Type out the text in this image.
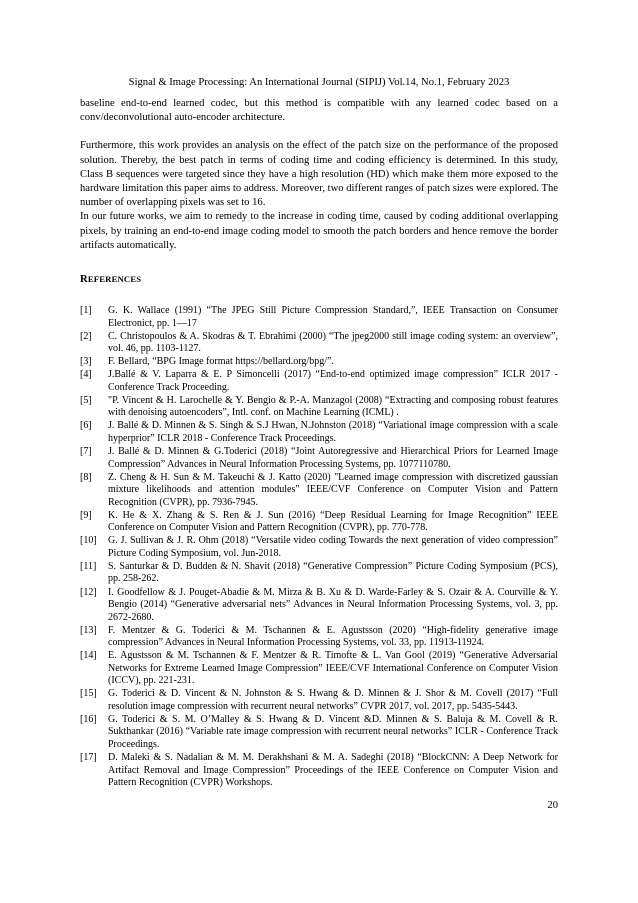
Signal & Image Processing: An International Journal (SIPIJ) Vol.14, No.1, February 2023

baseline end-to-end learned codec, but this method is compatible with any learned codec based on a conv/deconvolutional auto-encoder architecture.

Furthermore, this work provides an analysis on the effect of the patch size on the performance of the proposed solution. Thereby, the best patch in terms of coding time and coding efficiency is determined. In this study, Class B sequences were targeted since they have a high resolution (HD) which make them more exposed to the hardware limitation this paper aims to address. Moreover, two different ranges of patch sizes were explored. The number of overlapping pixels was set to 16.

In our future works, we aim to remedy to the increase in coding time, caused by coding additional overlapping pixels, by training an end-to-end image coding model to smooth the patch borders and hence remove the border artifacts automatically.

REFERENCES
[1]	G. K. Wallace (1991) “The JPEG Still Picture Compression Standard,”, IEEE Transaction on Consumer Electronict, pp. 1—17
[2]	C. Christopoulos & A. Skodras & T. Ebrahimi (2000) “The jpeg2000 still image coding system: an overview”, vol. 46, pp. 1103-1127.
[3]	F. Bellard, “BPG Image format https://bellard.org/bpg/”.
[4]	J.Ballé & V. Laparra & E. P Simoncelli (2017) “End-to-end optimized image compression” ICLR 2017 - Conference Track Proceeding.
[5]	"P. Vincent & H. Larochelle & Y. Bengio & P.-A. Manzagol (2008) “Extracting and composing robust features with denoising autoencoders”, Intl. conf. on Machine Learning (ICML) .
[6]	J. Ballé & D. Minnen & S. Singh & S.J Hwan, N.Johnston (2018) “Variational image compression with a scale hyperprior” ICLR 2018 - Conference Track Proceedings.
[7]	J. Ballé & D. Minnen & G.Toderici (2018) “Joint Autoregressive and Hierarchical Priors for Learned Image Compression” Advances in Neural Information Processing Systems, pp. 1077110780.
[8]	Z. Cheng & H. Sun & M. Takeuchi & J. Katto (2020) "Learned image compression with discretized gaussian mixture likelihoods and attention modules" IEEE/CVF Conference on Computer Vision and Pattern Recognition (CVPR), pp. 7936-7945.
[9]	K. He & X. Zhang & S. Ren & J. Sun (2016) “Deep Residual Learning for Image Recognition” IEEE Conference on Computer Vision and Pattern Recognition (CVPR), pp. 770-778.
[10]	G. J. Sullivan & J. R. Ohm (2018) “Versatile video coding Towards the next generation of video compression” Picture Coding Symposium, vol. Jun-2018.
[11]	S. Santurkar & D. Budden & N. Shavit (2018) “Generative Compression” Picture Coding Symposium (PCS), pp. 258-262.
[12]	I. Goodfellow & J. Pouget-Abadie & M. Mirza & B. Xu & D. Warde-Farley & S. Ozair & A. Courville & Y. Bengio (2014) “Generative adversarial nets” Advances in Neural Information Processing Systems, vol. 3, pp. 2672-2680.
[13]	F. Mentzer & G. Toderici & M. Tschannen & E. Agustsson (2020) “High-fidelity generative image compression” Advances in Neural Information Processing Systems, vol. 33, pp. 11913-11924.
[14]	E. Agustsson & M. Tschannen & F. Mentzer & R. Timofte & L. Van Gool (2019) “Generative Adversarial Networks for Extreme Learned Image Compression” IEEE/CVF International Conference on Computer Vision (ICCV), pp. 221-231.
[15]	G. Toderici & D. Vincent & N. Johnston & S. Hwang & D. Minnen & J. Shor & M. Covell (2017) “Full resolution image compression with recurrent neural networks” CVPR 2017, vol. 2017, pp. 5435-5443.
[16]	G. Toderici & S. M. O’Malley & S. Hwang & D. Vincent &D. Minnen & S. Baluja & M. Covell & R. Sukthankar (2016) “Variable rate image compression with recurrent neural networks” ICLR - Conference Track Proceedings.
[17]	D. Maleki & S. Nadalian & M. M. Derakhshani & M. A. Sadeghi (2018) “BlockCNN: A Deep Network for Artifact Removal and Image Compression” Proceedings of the IEEE Conference on Computer Vision and Pattern Recognition (CVPR) Workshops.
20
